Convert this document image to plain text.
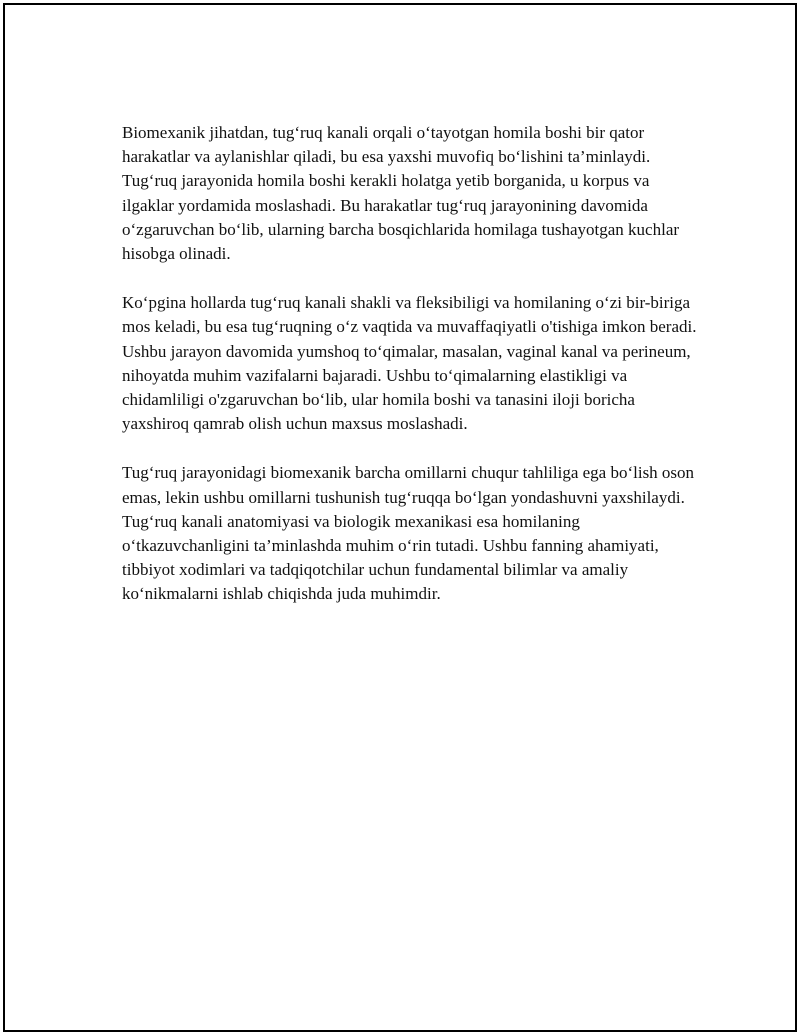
Biomexanik jihatdan, tug‘ruq kanali orqali o‘tayotgan homila boshi bir qator harakatlar va aylanishlar qiladi, bu esa yaxshi muvofiq bo‘lishini ta’minlaydi. Tug‘ruq jarayonida homila boshi kerakli holatga yetib borganida, u korpus va ilgaklar yordamida moslashadi. Bu harakatlar tug‘ruq jarayonining davomida o‘zgaruvchan bo‘lib, ularning barcha bosqichlarida homilaga tushayotgan kuchlar hisobga olinadi.

Ko‘pgina hollarda tug‘ruq kanali shakli va fleksibiligi va homilaning o‘zi bir-biriga mos keladi, bu esa tug‘ruqning o‘z vaqtida va muvaffaqiyatli o'tishiga imkon beradi. Ushbu jarayon davomida yumshoq to‘qimalar, masalan, vaginal kanal va perineum, nihoyatda muhim vazifalarni bajaradi. Ushbu to‘qimalarning elastikligi va chidamliligi o'zgaruvchan bo‘lib, ular homila boshi va tanasini iloji boricha yaxshiroq qamrab olish uchun maxsus moslashadi.

Tug‘ruq jarayonidagi biomexanik barcha omillarni chuqur tahliliga ega bo‘lish oson emas, lekin ushbu omillarni tushunish tug‘ruqqa bo‘lgan yondashuvni yaxshilaydi. Tug‘ruq kanali anatomiyasi va biologik mexanikasi esa homilaning o‘tkazuvchanligini ta’minlashda muhim o‘rin tutadi. Ushbu fanning ahamiyati, tibbiyot xodimlari va tadqiqotchilar uchun fundamental bilimlar va amaliy ko‘nikmalarni ishlab chiqishda juda muhimdir.
